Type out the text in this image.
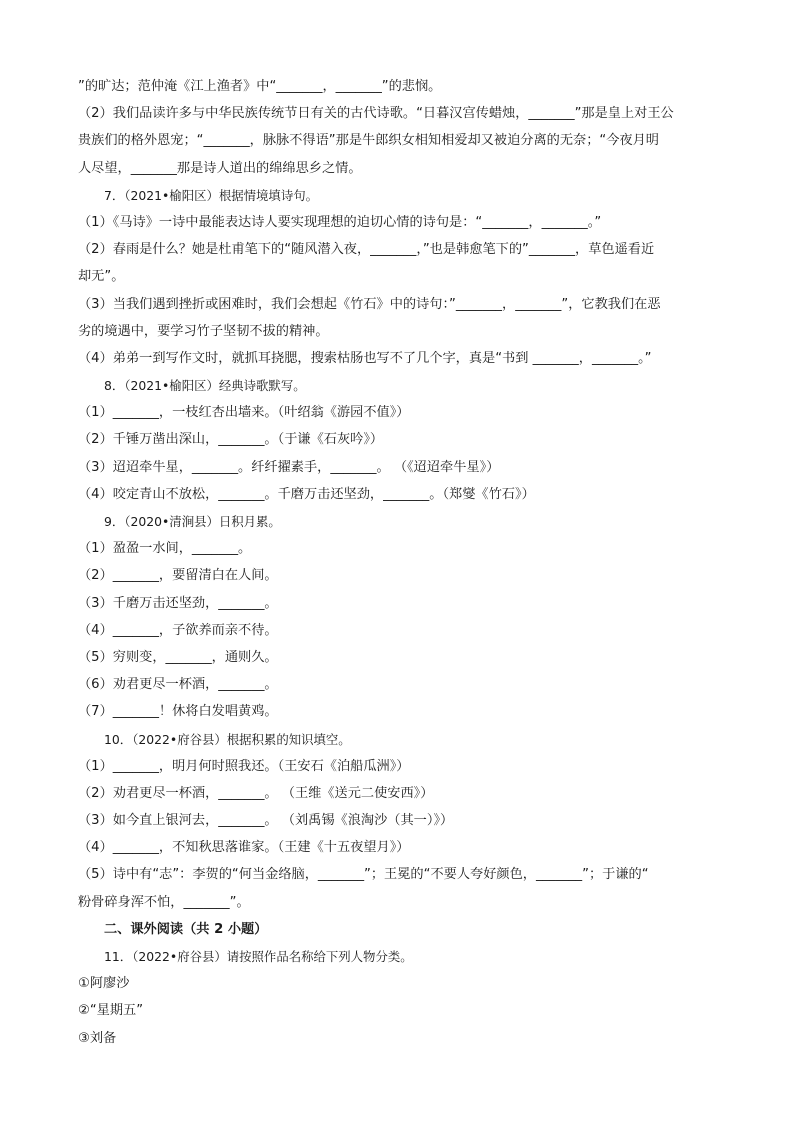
”的旷达；范仲淹《江上渔者》中“_______，_______”的悲悯。
（2）我们品读许多与中华民族传统节日有关的古代诗歌。“日暮汉宫传蜡烛，_______”那是皇上对王公
贵族们的格外恩宠；“_______，脉脉不得语”那是牛郎织女相知相爱却又被迫分离的无奈；“今夜月明
人尽望，_______那是诗人道出的绵绵思乡之情。
7．（2021•榆阳区）根据情境填诗句。
（1）《马诗》一诗中最能表达诗人要实现理想的迫切心情的诗句是：“_______，_______。”
（2）春雨是什么？她是杜甫笔下的“随风潜入夜，_______，”也是韩愈笔下的”_______，草色遥看近
却无”。
（3）当我们遇到挫折或困难时，我们会想起《竹石》中的诗句：”_______，_______”，它教我们在恶
劣的境遇中，要学习竹子坚韧不拔的精神。
（4）弟弟一到写作文时，就抓耳挠腮，搜索枯肠也写不了几个字，真是“书到 _______，_______。”
8．（2021•榆阳区）经典诗歌默写。
（1）_______，一枝红杏出墙来。（叶绍翁《游园不值》）
（2）千锤万凿出深山，_______。（于谦《石灰吟》）
（3）迢迢牵牛星，_______。纤纤擢素手，_______。 （《迢迢牵牛星》）
（4）咬定青山不放松，_______。千磨万击还坚劲，_______。（郑燮《竹石》）
9．（2020•清涧县）日积月累。
（1）盈盈一水间，_______。
（2）_______，要留清白在人间。
（3）千磨万击还坚劲，_______。
（4）_______，子欲养而亲不待。
（5）穷则变，_______，通则久。
（6）劝君更尽一杯酒，_______。
（7）_______！休将白发唱黄鸡。
10．（2022•府谷县）根据积累的知识填空。
（1）_______，明月何时照我还。（王安石《泊船瓜洲》）
（2）劝君更尽一杯酒，_______。 （王维《送元二使安西》）
（3）如今直上银河去，_______。 （刘禹锡《浪淘沙（其一）》）
（4）_______，不知秋思落谁家。（王建《十五夜望月》）
（5）诗中有“志”：李贺的“何当金络脑，_______”；王冕的“不要人夸好颜色，_______”；于谦的“
粉骨碎身浑不怕，_______”。
二、课外阅读（共 2 小题）
11．（2022•府谷县）请按照作品名称给下列人物分类。
①阿廖沙
②“星期五”
③刘备
